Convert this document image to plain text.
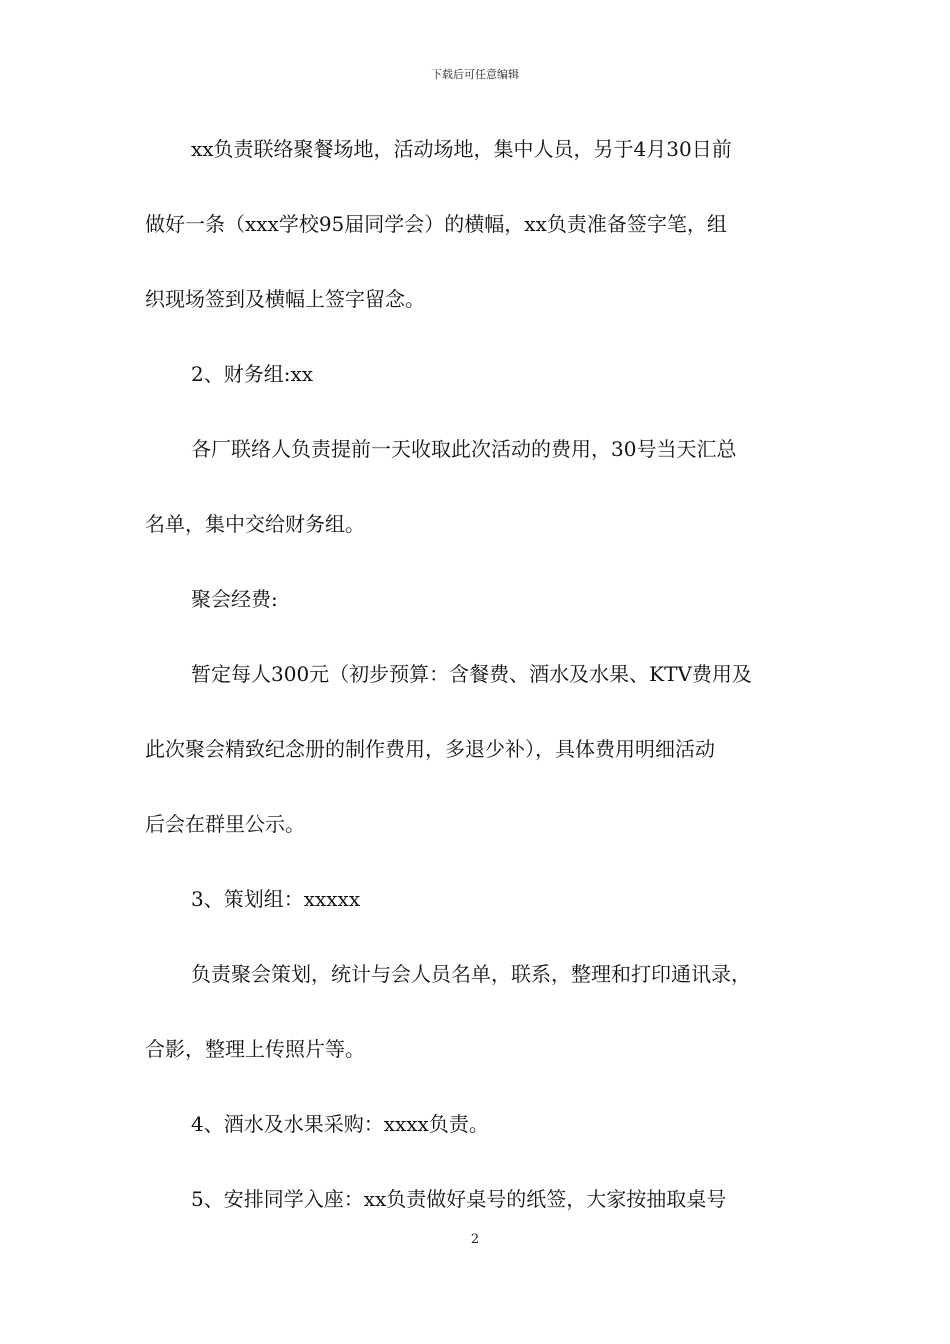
下载后可任意编辑
xx负责联络聚餐场地，活动场地，集中人员，另于4月30日前
做好一条（xxx学校95届同学会）的横幅，xx负责准备签字笔，组
织现场签到及横幅上签字留念。
2、财务组:xx
各厂联络人负责提前一天收取此次活动的费用，30号当天汇总
名单，集中交给财务组。
聚会经费:
暂定每人300元（初步预算：含餐费、酒水及水果、KTV费用及
此次聚会精致纪念册的制作费用，多退少补），具体费用明细活动
后会在群里公示。
3、策划组：xxxxx
负责聚会策划，统计与会人员名单，联系，整理和打印通讯录，
合影，整理上传照片等。
4、酒水及水果采购：xxxx负责。
5、安排同学入座：xx负责做好桌号的纸签，大家按抽取桌号
2
